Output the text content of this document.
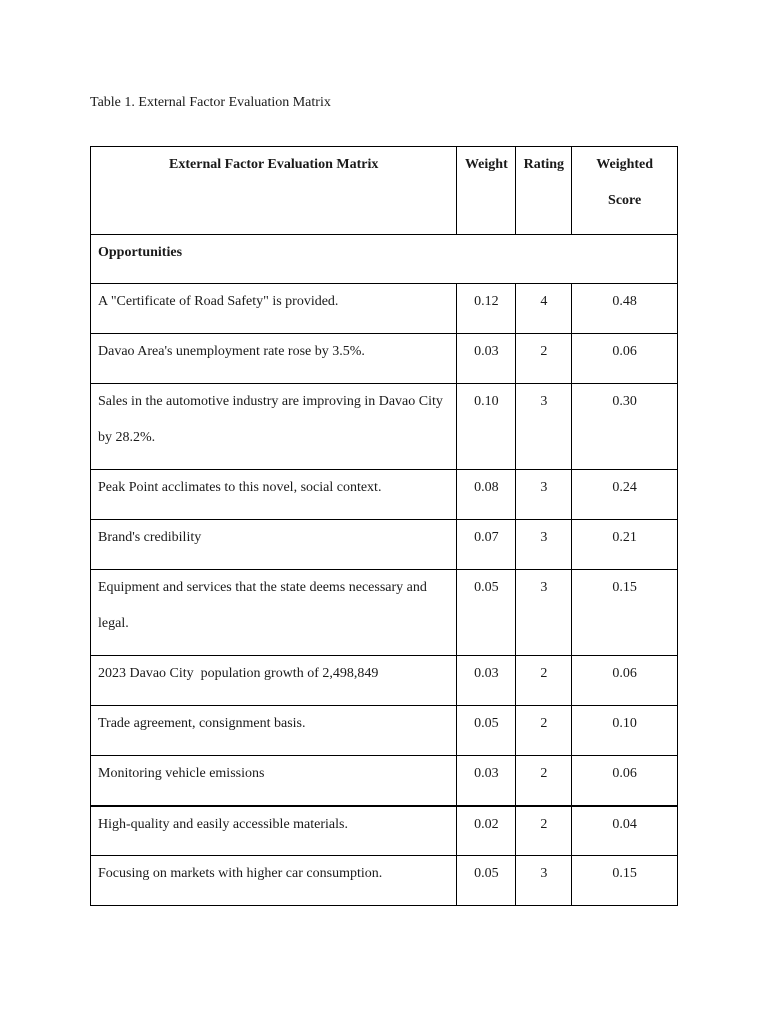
Table 1. External Factor Evaluation Matrix
External Factor Evaluation Matrix	Weight	Rating	Weighted Score
Opportunities			
A "Certificate of Road Safety" is provided.	0.12	4	0.48
Davao Area's unemployment rate rose by 3.5%.	0.03	2	0.06
Sales in the automotive industry are improving in Davao City by 28.2%.	0.10	3	0.30
Peak Point acclimates to this novel, social context.	0.08	3	0.24
Brand's credibility	0.07	3	0.21
Equipment and services that the state deems necessary and legal.	0.05	3	0.15
2023 Davao City  population growth of 2,498,849	0.03	2	0.06
Trade agreement, consignment basis.	0.05	2	0.10
Monitoring vehicle emissions	0.03	2	0.06
High-quality and easily accessible materials.	0.02	2	0.04
Focusing on markets with higher car consumption.	0.05	3	0.15
